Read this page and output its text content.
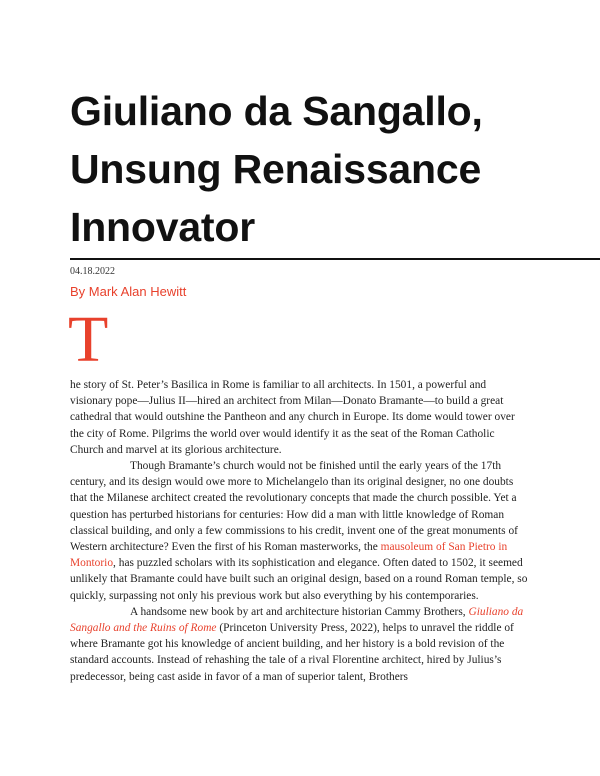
Giuliano da Sangallo,
Unsung Renaissance
Innovator
04.18.2022
By Mark Alan Hewitt
T

he story of St. Peter’s Basilica in Rome is familiar to all architects. In 1501, a powerful and visionary pope—Julius II—hired an architect from Milan—Donato Bramante—to build a great cathedral that would outshine the Pantheon and any church in Europe. Its dome would tower over the city of Rome. Pilgrims the world over would identify it as the seat of the Roman Catholic Church and marvel at its glorious architecture.

Though Bramante’s church would not be finished until the early years of the 17th century, and its design would owe more to Michelangelo than its original designer, no one doubts that the Milanese architect created the revolutionary concepts that made the church possible. Yet a question has perturbed historians for centuries: How did a man with little knowledge of Roman classical building, and only a few commissions to his credit, invent one of the great monuments of Western architecture? Even the first of his Roman masterworks, the mausoleum of San Pietro in Montorio, has puzzled scholars with its sophistication and elegance. Often dated to 1502, it seemed unlikely that Bramante could have built such an original design, based on a round Roman temple, so quickly, surpassing not only his previous work but also everything by his contemporaries.

A handsome new book by art and architecture historian Cammy Brothers, Giuliano da Sangallo and the Ruins of Rome (Princeton University Press, 2022), helps to unravel the riddle of where Bramante got his knowledge of ancient building, and her history is a bold revision of the standard accounts. Instead of rehashing the tale of a rival Florentine architect, hired by Julius’s predecessor, being cast aside in favor of a man of superior talent, Brothers
